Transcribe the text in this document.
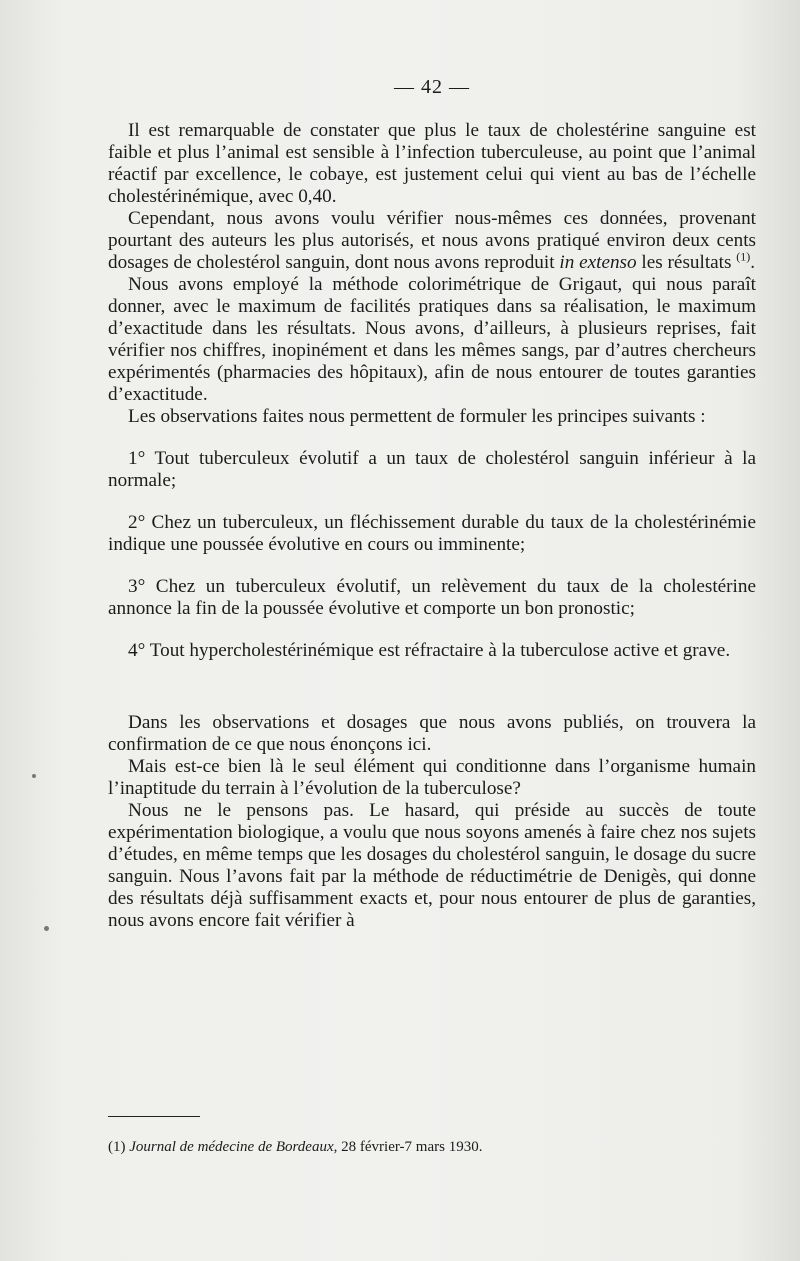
— 42 —

Il est remarquable de constater que plus le taux de cholestérine sanguine est faible et plus l’animal est sensible à l’infection tuberculeuse, au point que l’animal réactif par excellence, le cobaye, est justement celui qui vient au bas de l’échelle cholestérinémique, avec 0,40.

Cependant, nous avons voulu vérifier nous-mêmes ces données, provenant pourtant des auteurs les plus autorisés, et nous avons pratiqué environ deux cents dosages de cholestérol sanguin, dont nous avons reproduit in extenso les résultats $^{(1)}$.

Nous avons employé la méthode colorimétrique de Grigaut, qui nous paraît donner, avec le maximum de facilités pratiques dans sa réalisation, le maximum d’exactitude dans les résultats. Nous avons, d’ailleurs, à plusieurs reprises, fait vérifier nos chiffres, inopinément et dans les mêmes sangs, par d’autres chercheurs expérimentés (pharmacies des hôpitaux), afin de nous entourer de toutes garanties d’exactitude.

Les observations faites nous permettent de formuler les principes suivants :

1° Tout tuberculeux évolutif a un taux de cholestérol sanguin inférieur à la normale;

2° Chez un tuberculeux, un fléchissement durable du taux de la cholestérinémie indique une poussée évolutive en cours ou imminente;

3° Chez un tuberculeux évolutif, un relèvement du taux de la cholestérine annonce la fin de la poussée évolutive et comporte un bon pronostic;

4° Tout hypercholestérinémique est réfractaire à la tuberculose active et grave.

Dans les observations et dosages que nous avons publiés, on trouvera la confirmation de ce que nous énonçons ici.

Mais est-ce bien là le seul élément qui conditionne dans l’organisme humain l’inaptitude du terrain à l’évolution de la tuberculose?

Nous ne le pensons pas. Le hasard, qui préside au succès de toute expérimentation biologique, a voulu que nous soyons amenés à faire chez nos sujets d’études, en même temps que les dosages du cholestérol sanguin, le dosage du sucre sanguin. Nous l’avons fait par la méthode de réductimétrie de Denigès, qui donne des résultats déjà suffisamment exacts et, pour nous entourer de plus de garanties, nous avons encore fait vérifier à

(1) Journal de médecine de Bordeaux, 28 février-7 mars 1930.
